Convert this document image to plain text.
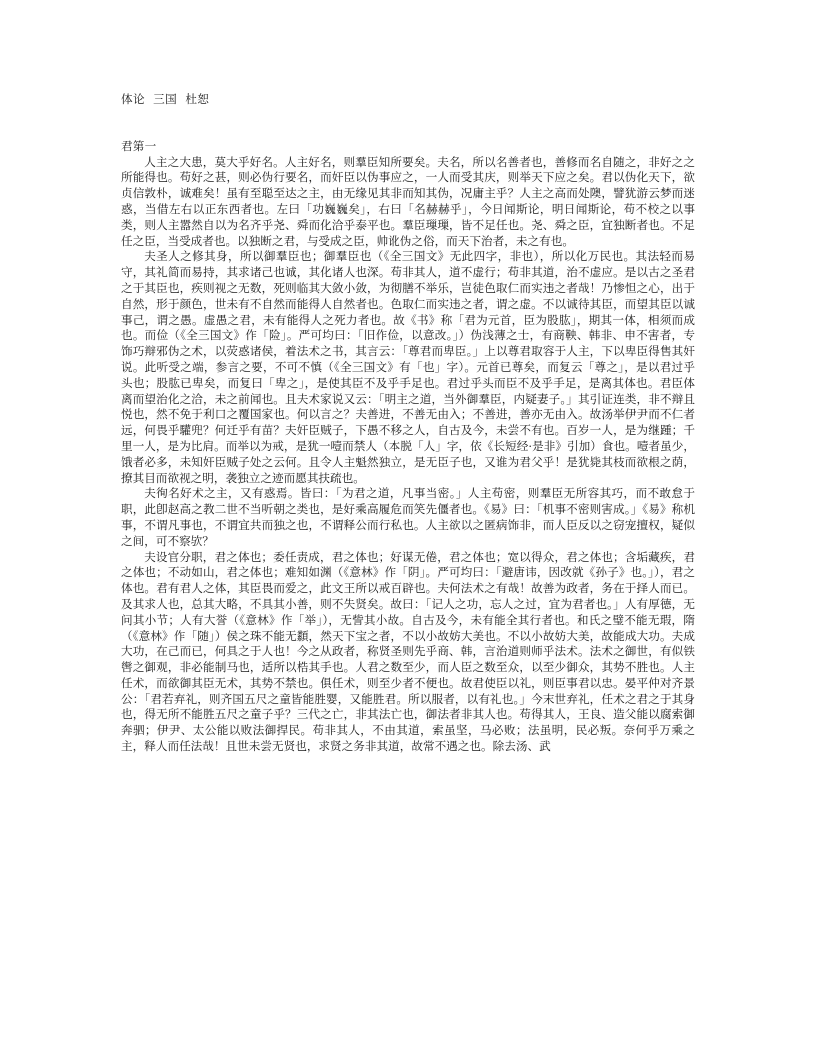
体论  三国  杜恕
君第一

人主之大患，莫大乎好名。人主好名，则羣臣知所要矣。夫名，所以名善者也，善修而名自随之，非好之之所能得也。苟好之甚，则必伪行要名，而奸臣以伪事应之，一人而受其庆，则举天下应之矣。君以伪化天下，欲贞信敦朴，诚难矣！虽有至聪至达之主，由无缘见其非而知其伪，况庸主乎？人主之高而处隩，譬犹游云梦而迷惑，当借左右以正东西者也。左曰「功巍巍矣」，右曰「名赫赫乎」，今日闻斯论，明日闻斯论，苟不校之以事类，则人主嚣然自以为名齐乎尧、舜而化洽乎泰平也。羣臣璅璅，皆不足任也。尧、舜之臣，宜独断者也。不足任之臣，当受成者也。以独断之君，与受成之臣，帅讹伪之俗，而天下治者，未之有也。

夫圣人之修其身，所以御羣臣也；御羣臣也（《全三国文》无此四字，非也），所以化万民也。其法轻而易守，其礼简而易持，其求诸己也诚，其化诸人也深。苟非其人，道不虚行；苟非其道，治不虚应。是以古之圣君之于其臣也，疾则视之无数，死则临其大敛小敛，为彻膳不举乐，岂徒色取仁而实违之者哉！乃惨怛之心，出于自然，形于颜色，世未有不自然而能得人自然者也。色取仁而实违之者，谓之虚。不以诚待其臣，而望其臣以诚事己，谓之愚。虚愚之君，未有能得人之死力者也。故《书》称「君为元首，臣为股肱」，期其一体，相须而成也。而俭（《全三国文》作「险」。严可均曰：「旧作俭，以意改。」）伪浅薄之士，有商鞅、韩非、申不害者，专饰巧辩邪伪之术，以荧惑诸侯，着法术之书，其言云：「尊君而卑臣。」上以尊君取容于人主，下以卑臣得售其奸说。此听受之端，参言之要，不可不慎（《全三国文》有「也」字）。元首已尊矣，而复云「尊之」，是以君过乎头也；股肱已卑矣，而复曰「卑之」，是使其臣不及乎手足也。君过乎头而臣不及乎手足，是离其体也。君臣体离而望治化之洽，未之前闻也。且夫术家说又云：「明主之道，当外御羣臣，内疑妻子。」其引证连类，非不辩且悦也，然不免于利口之覆国家也。何以言之？夫善进，不善无由入；不善进，善亦无由入。故汤举伊尹而不仁者远，何畏乎驩兜？何迁乎有苗？夫奸臣贼子，下愚不移之人，自古及今，未尝不有也。百岁一人，是为继踵；千里一人，是为比肩。而举以为戒，是犹一噎而禁人（本脱「人」字，依《长短经·是非》引加）食也。噎者虽少，饿者必多，未知奸臣贼子处之云何。且令人主魁然独立，是无臣子也，又谁为君父乎！是犹毙其枝而欲根之荫，撩其目而欲视之明，袭独立之迹而愿其扶疏也。

夫徇名好术之主，又有惑焉。皆曰：「为君之道，凡事当密。」人主苟密，则羣臣无所容其巧，而不敢怠于职，此卽赵高之教二世不当听朝之类也，是好乘高履危而笑先僵者也。《易》曰：「机事不密则害成。」《易》称机事，不谓凡事也，不谓宜共而独之也，不谓释公而行私也。人主欲以之匿病饰非，而人臣反以之窃宠擅权，疑似之间，可不察欤？

夫设官分职，君之体也；委任责成，君之体也；好谋无倦，君之体也；宽以得众，君之体也；含垢藏疾，君之体也；不动如山，君之体也；难知如渊（《意林》作「阴」。严可均曰：「避唐讳，因改就《孙子》也。」），君之体也。君有君人之体，其臣畏而爱之，此文王所以戒百辟也。夫何法术之有哉！故善为政者，务在于择人而已。及其求人也，总其大略，不具其小善，则不失贤矣。故曰：「记人之功，忘人之过，宜为君者也。」人有厚德，无问其小节；人有大誉（《意林》作「举」），无訾其小故。自古及今，未有能全其行者也。和氏之璧不能无瑕，隋（《意林》作「随」）侯之珠不能无纇，然天下宝之者，不以小故妨大美也。不以小故妨大美，故能成大功。夫成大功，在己而已，何具之于人也！今之从政者，称贤圣则先乎商、韩，言治道则师乎法术。法术之御世，有似铁辔之御观，非必能制马也，适所以梏其手也。人君之数至少，而人臣之数至众，以至少御众，其势不胜也。人主任术，而欲御其臣无术，其势不禁也。俱任术，则至少者不便也。故君使臣以礼，则臣事君以忠。晏平仲对齐景公：「君若弃礼，则齐国五尺之童皆能胜婴，又能胜君。所以服者，以有礼也。」今末世弃礼，任术之君之于其身也，得无所不能胜五尺之童子乎？三代之亡，非其法亡也，御法者非其人也。苟得其人，王良、造父能以腐索御奔驷；伊尹、太公能以败法御捍民。苟非其人，不由其道，索虽坚，马必败；法虽明，民必叛。奈何乎万乘之主，释人而任法哉！且世未尝无贤也，求贤之务非其道，故常不遇之也。除去汤、武
